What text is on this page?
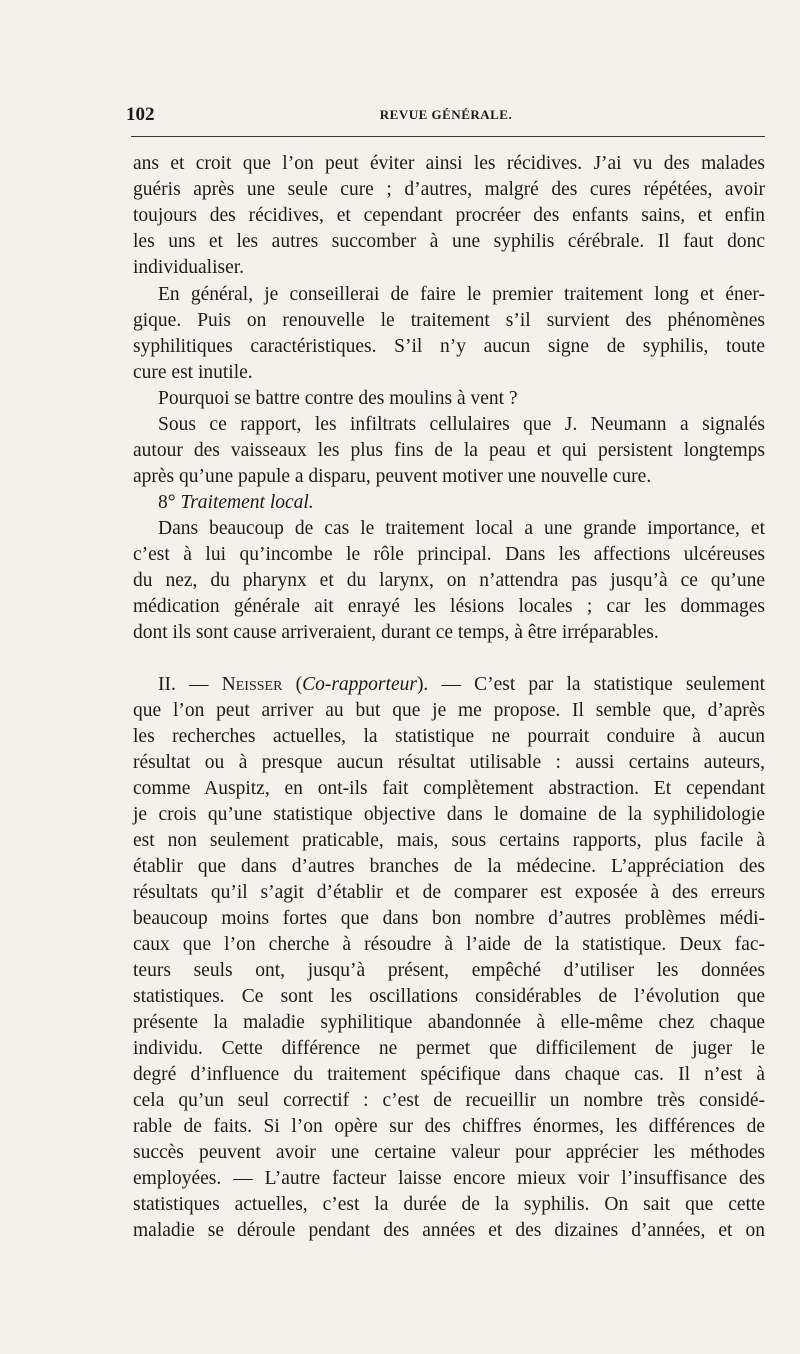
102	REVUE GÉNÉRALE.
ans et croit que l’on peut éviter ainsi les récidives. J’ai vu des malades
guéris après une seule cure ; d’autres, malgré des cures répétées, avoir
toujours des récidives, et cependant procréer des enfants sains, et enfin
les uns et les autres succomber à une syphilis cérébrale. Il faut donc
individualiser.
En général, je conseillerai de faire le premier traitement long et éner-
gique. Puis on renouvelle le traitement s’il survient des phénomènes
syphilitiques caractéristiques. S’il n’y aucun signe de syphilis, toute
cure est inutile.
Pourquoi se battre contre des moulins à vent ?
Sous ce rapport, les infiltrats cellulaires que J. Neumann a signalés
autour des vaisseaux les plus fins de la peau et qui persistent longtemps
après qu’une papule a disparu, peuvent motiver une nouvelle cure.
8° Traitement local.
Dans beaucoup de cas le traitement local a une grande importance, et
c’est à lui qu’incombe le rôle principal. Dans les affections ulcéreuses
du nez, du pharynx et du larynx, on n’attendra pas jusqu’à ce qu’une
médication générale ait enrayé les lésions locales ; car les dommages
dont ils sont cause arriveraient, durant ce temps, à être irréparables.
II. — Neisser (Co-rapporteur). — C’est par la statistique seulement
que l’on peut arriver au but que je me propose. Il semble que, d’après
les recherches actuelles, la statistique ne pourrait conduire à aucun
résultat ou à presque aucun résultat utilisable : aussi certains auteurs,
comme Auspitz, en ont-ils fait complètement abstraction. Et cependant
je crois qu’une statistique objective dans le domaine de la syphilidologie
est non seulement praticable, mais, sous certains rapports, plus facile à
établir que dans d’autres branches de la médecine. L’appréciation des
résultats qu’il s’agit d’établir et de comparer est exposée à des erreurs
beaucoup moins fortes que dans bon nombre d’autres problèmes médi-
caux que l’on cherche à résoudre à l’aide de la statistique. Deux fac-
teurs seuls ont, jusqu’à présent, empêché d’utiliser les données
statistiques. Ce sont les oscillations considérables de l’évolution que
présente la maladie syphilitique abandonnée à elle-même chez chaque
individu. Cette différence ne permet que difficilement de juger le
degré d’influence du traitement spécifique dans chaque cas. Il n’est à
cela qu’un seul correctif : c’est de recueillir un nombre très considé-
rable de faits. Si l’on opère sur des chiffres énormes, les différences de
succès peuvent avoir une certaine valeur pour apprécier les méthodes
employées. — L’autre facteur laisse encore mieux voir l’insuffisance des
statistiques actuelles, c’est la durée de la syphilis. On sait que cette
maladie se déroule pendant des années et des dizaines d’années, et on
